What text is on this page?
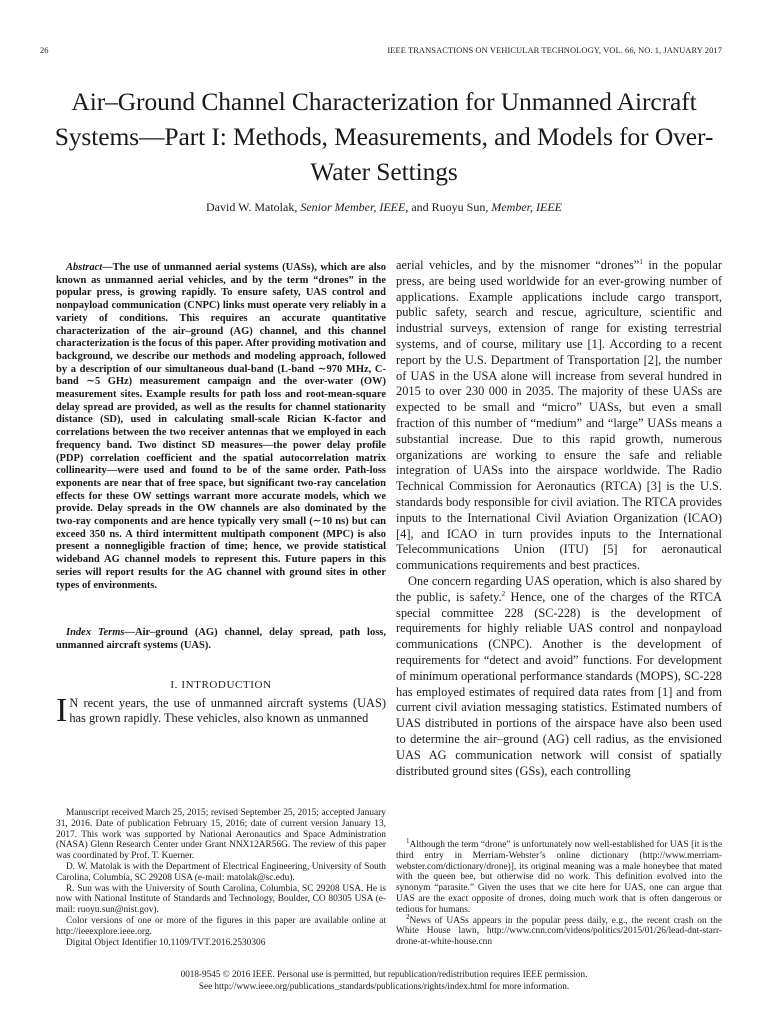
26	IEEE TRANSACTIONS ON VEHICULAR TECHNOLOGY, VOL. 66, NO. 1, JANUARY 2017
Air–Ground Channel Characterization for Unmanned Aircraft Systems—Part I: Methods, Measurements, and Models for Over-Water Settings
David W. Matolak, Senior Member, IEEE, and Ruoyu Sun, Member, IEEE
Abstract—The use of unmanned aerial systems (UASs), which are also known as unmanned aerial vehicles, and by the term “drones” in the popular press, is growing rapidly. To ensure safety, UAS control and nonpayload communication (CNPC) links must operate very reliably in a variety of conditions. This requires an accurate quantitative characterization of the air–ground (AG) channel, and this channel characterization is the focus of this paper. After providing motivation and background, we describe our methods and modeling approach, followed by a description of our simultaneous dual-band (L-band ∼970 MHz, C-band ∼5 GHz) measurement campaign and the over-water (OW) measurement sites. Example results for path loss and root-mean-square delay spread are provided, as well as the results for channel stationarity distance (SD), used in calculating small-scale Rician K-factor and correlations between the two receiver antennas that we employed in each frequency band. Two distinct SD measures—the power delay profile (PDP) correlation coefficient and the spatial autocorrelation matrix collinearity—were used and found to be of the same order. Path-loss exponents are near that of free space, but significant two-ray cancelation effects for these OW settings warrant more accurate models, which we provide. Delay spreads in the OW channels are also dominated by the two-ray components and are hence typically very small (∼10 ns) but can exceed 350 ns. A third intermittent multipath component (MPC) is also present a nonnegligible fraction of time; hence, we provide statistical wideband AG channel models to represent this. Future papers in this series will report results for the AG channel with ground sites in other types of environments.
Index Terms—Air–ground (AG) channel, delay spread, path loss, unmanned aircraft systems (UAS).
I. INTRODUCTION
I N recent years, the use of unmanned aircraft systems (UAS) has grown rapidly. These vehicles, also known as unmanned

aerial vehicles, and by the misnomer “drones”$^1$ in the popular press, are being used worldwide for an ever-growing number of applications. Example applications include cargo transport, public safety, search and rescue, agriculture, scientific and industrial surveys, extension of range for existing terrestrial systems, and of course, military use [1]. According to a recent report by the U.S. Department of Transportation [2], the number of UAS in the USA alone will increase from several hundred in 2015 to over 230 000 in 2035. The majority of these UASs are expected to be small and “micro” UASs, but even a small fraction of this number of “medium” and “large” UASs means a substantial increase. Due to this rapid growth, numerous organizations are working to ensure the safe and reliable integration of UASs into the airspace worldwide. The Radio Technical Commission for Aeronautics (RTCA) [3] is the U.S. standards body responsible for civil aviation. The RTCA provides inputs to the International Civil Aviation Organization (ICAO) [4], and ICAO in turn provides inputs to the International Telecommunications Union (ITU) [5] for aeronautical communications requirements and best practices.

One concern regarding UAS operation, which is also shared by the public, is safety.$^2$ Hence, one of the charges of the RTCA special committee 228 (SC-228) is the development of requirements for highly reliable UAS control and nonpayload communications (CNPC). Another is the development of requirements for “detect and avoid” functions. For development of minimum operational performance standards (MOPS), SC-228 has employed estimates of required data rates from [1] and from current civil aviation messaging statistics. Estimated numbers of UAS distributed in portions of the airspace have also been used to determine the air–ground (AG) cell radius, as the envisioned UAS AG communication network will consist of spatially distributed ground sites (GSs), each controlling

Manuscript received March 25, 2015; revised September 25, 2015; accepted January 31, 2016. Date of publication February 15, 2016; date of current version January 13, 2017. This work was supported by National Aeronautics and Space Administration (NASA) Glenn Research Center under Grant NNX12AR56G. The review of this paper was coordinated by Prof. T. Kuerner.

D. W. Matolak is with the Department of Electrical Engineering, University of South Carolina, Columbia, SC 29208 USA (e-mail: matolak@sc.edu).

R. Sun was with the University of South Carolina, Columbia, SC 29208 USA. He is now with National Institute of Standards and Technology, Boulder, CO 80305 USA (e-mail: ruoyu.sun@nist.gov).

Color versions of one or more of the figures in this paper are available online at http://ieeexplore.ieee.org.

Digital Object Identifier 10.1109/TVT.2016.2530306

$^1$Although the term “drone” is unfortunately now well-established for UAS [it is the third entry in Merriam-Webster’s online dictionary (http://www.merriam-webster.com/dictionary/drone)], its original meaning was a male honeybee that mated with the queen bee, but otherwise did no work. This definition evolved into the synonym “parasite.” Given the uses that we cite here for UAS, one can argue that UAS are the exact opposite of drones, doing much work that is often dangerous or tedious for humans.

$^2$News of UASs appears in the popular press daily, e.g., the recent crash on the White House lawn, http://www.cnn.com/videos/politics/2015/01/26/lead-dnt-starr-drone-at-white-house.cnn

0018-9545 © 2016 IEEE. Personal use is permitted, but republication/redistribution requires IEEE permission.
See http://www.ieee.org/publications_standards/publications/rights/index.html for more information.
